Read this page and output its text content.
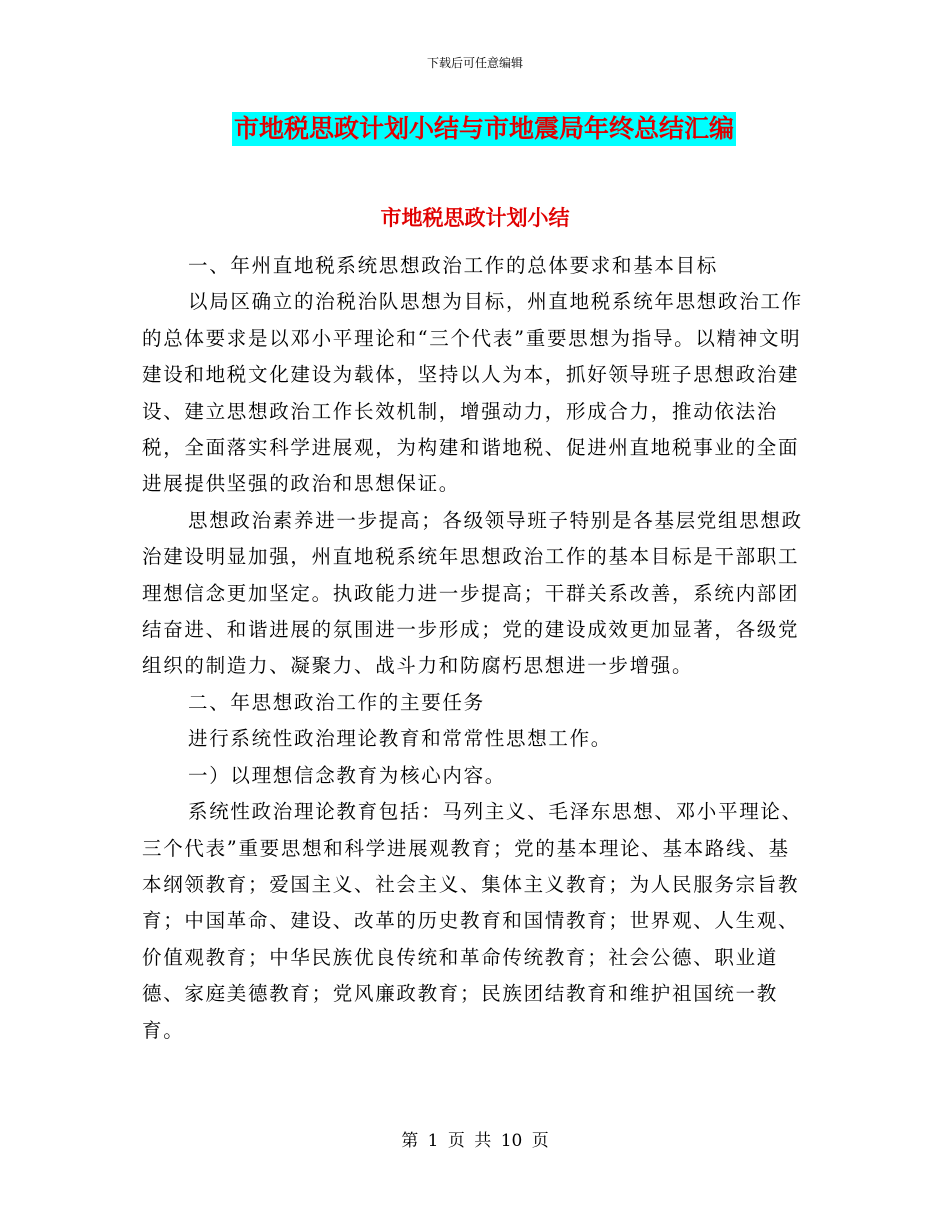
下载后可任意编辑
市地税思政计划小结与市地震局年终总结汇编
市地税思政计划小结

一、年州直地税系统思想政治工作的总体要求和基本目标

以局区确立的治税治队思想为目标，州直地税系统年思想政治工作的总体要求是以邓小平理论和“三个代表”重要思想为指导。以精神文明建设和地税文化建设为载体，坚持以人为本，抓好领导班子思想政治建设、建立思想政治工作长效机制，增强动力，形成合力，推动依法治税，全面落实科学进展观，为构建和谐地税、促进州直地税事业的全面进展提供坚强的政治和思想保证。

思想政治素养进一步提高；各级领导班子特别是各基层党组思想政治建设明显加强，州直地税系统年思想政治工作的基本目标是干部职工理想信念更加坚定。执政能力进一步提高；干群关系改善，系统内部团结奋进、和谐进展的氛围进一步形成；党的建设成效更加显著，各级党组织的制造力、凝聚力、战斗力和防腐朽思想进一步增强。

二、年思想政治工作的主要任务

进行系统性政治理论教育和常常性思想工作。

一）以理想信念教育为核心内容。

系统性政治理论教育包括：马列主义、毛泽东思想、邓小平理论、三个代表”重要思想和科学进展观教育；党的基本理论、基本路线、基本纲领教育；爱国主义、社会主义、集体主义教育；为人民服务宗旨教育；中国革命、建设、改革的历史教育和国情教育；世界观、人生观、价值观教育；中华民族优良传统和革命传统教育；社会公德、职业道德、家庭美德教育；党风廉政教育；民族团结教育和维护祖国统一教育。

第 1 页 共 10 页
